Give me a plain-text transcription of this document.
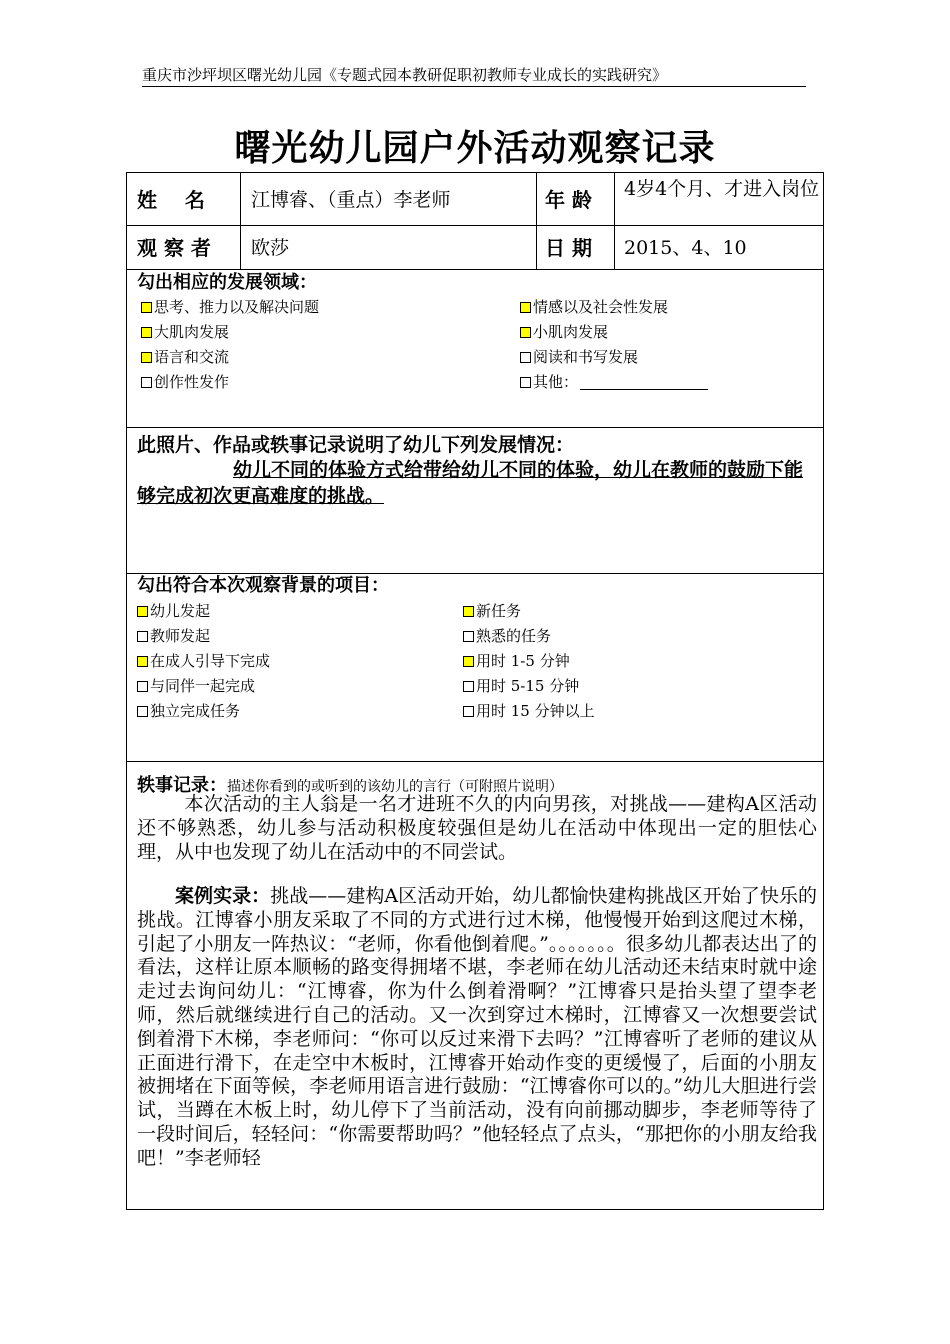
重庆市沙坪坝区曙光幼儿园《专题式园本教研促职初教师专业成长的实践研究》
曙光幼儿园户外活动观察记录
姓    名 江博睿、（重点）李老师	年 龄 4岁4个月、才进入岗位
观 察 者 欧莎	日 期 2015、4、10
勾出相应的发展领域：
思考、推力以及解决问题	情感以及社会性发展
大肌肉发展	小肌肉发展
语言和交流	阅读和书写发展
创作性发作	其他：
此照片、作品或轶事记录说明了幼儿下列发展情况：
幼儿不同的体验方式给带给幼儿不同的体验，幼儿在教师的鼓励下能够完成初次更高难度的挑战。
勾出符合本次观察背景的项目：
幼儿发起	新任务
教师发起	熟悉的任务
在成人引导下完成	用时 1-5 分钟
与同伴一起完成	用时 5-15 分钟
独立完成任务	用时 15 分钟以上
轶事记录：描述你看到的或听到的该幼儿的言行（可附照片说明）
本次活动的主人翁是一名才进班不久的内向男孩，对挑战——建构A区活动还不够熟悉，幼儿参与活动积极度较强但是幼儿在活动中体现出一定的胆怯心理，从中也发现了幼儿在活动中的不同尝试。
案例实录：挑战——建构A区活动开始，幼儿都愉快建构挑战区开始了快乐的挑战。江博睿小朋友采取了不同的方式进行过木梯，他慢慢开始到这爬过木梯，引起了小朋友一阵热议：“老师，你看他倒着爬。”。。。。。。。很多幼儿都表达出了的看法，这样让原本顺畅的路变得拥堵不堪，李老师在幼儿活动还未结束时就中途走过去询问幼儿：“江博睿，你为什么倒着滑啊？”江博睿只是抬头望了望李老师，然后就继续进行自己的活动。又一次到穿过木梯时，江博睿又一次想要尝试倒着滑下木梯，李老师问：“你可以反过来滑下去吗？”江博睿听了老师的建议从正面进行滑下，在走空中木板时，江博睿开始动作变的更缓慢了，后面的小朋友被拥堵在下面等候，李老师用语言进行鼓励：“江博睿你可以的。”幼儿大胆进行尝试，当蹲在木板上时，幼儿停下了当前活动，没有向前挪动脚步，李老师等待了一段时间后，轻轻问：“你需要帮助吗？”他轻轻点了点头，“那把你的小朋友给我吧！”李老师轻
